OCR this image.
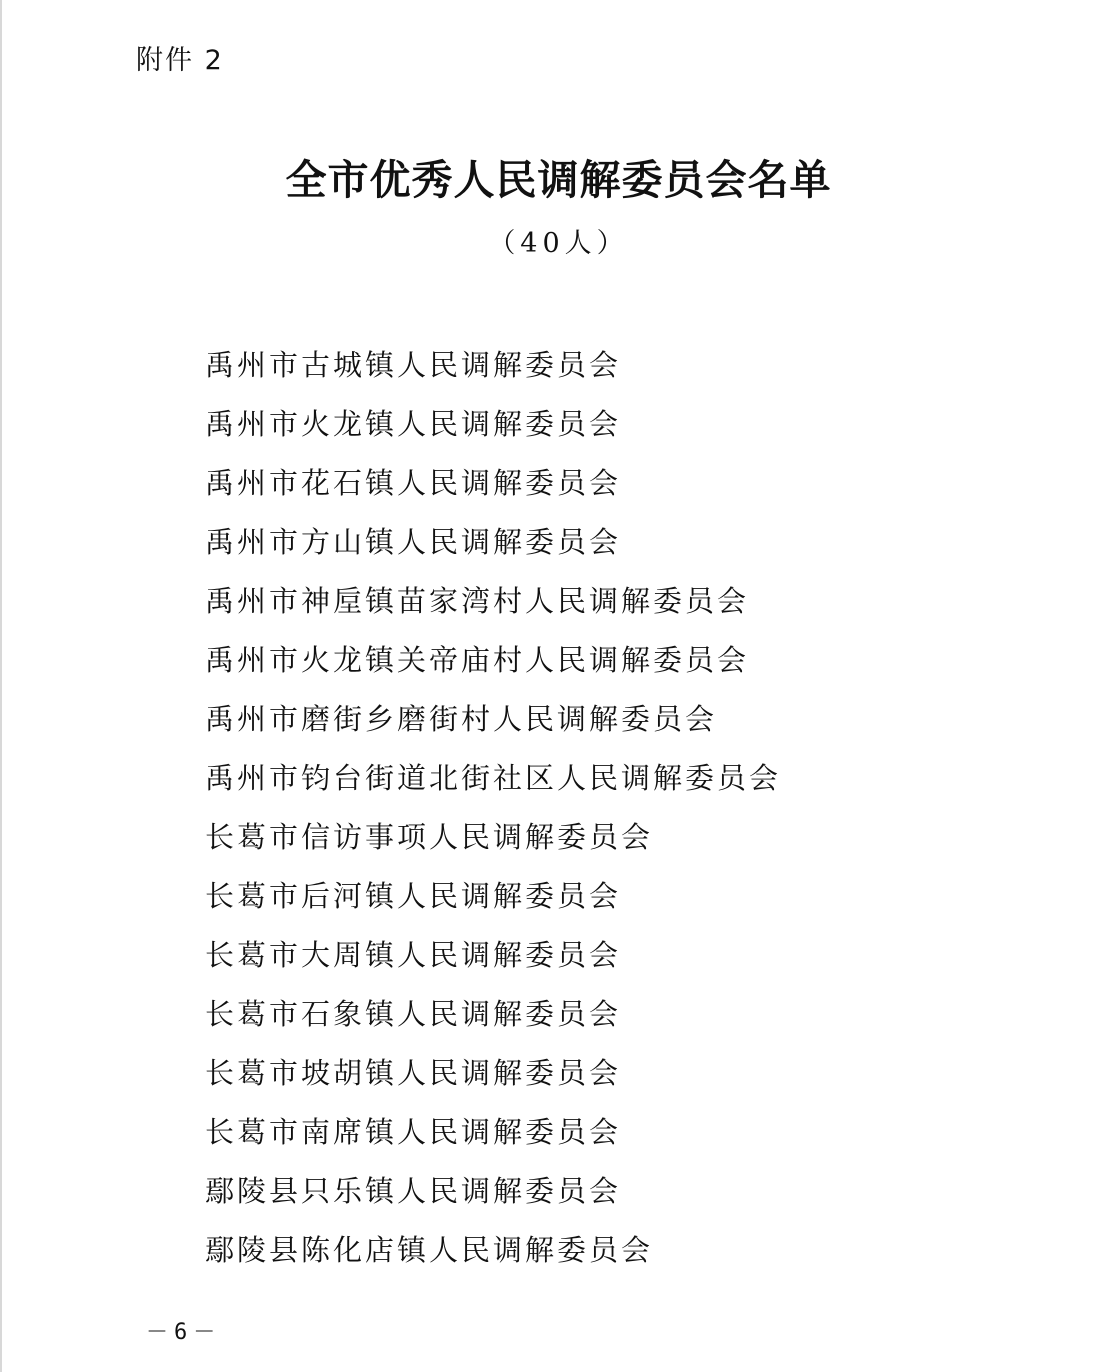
附件 2
全市优秀人民调解委员会名单
（40人）
禹州市古城镇人民调解委员会
禹州市火龙镇人民调解委员会
禹州市花石镇人民调解委员会
禹州市方山镇人民调解委员会
禹州市神垕镇苗家湾村人民调解委员会
禹州市火龙镇关帝庙村人民调解委员会
禹州市磨街乡磨街村人民调解委员会
禹州市钧台街道北街社区人民调解委员会
长葛市信访事项人民调解委员会
长葛市后河镇人民调解委员会
长葛市大周镇人民调解委员会
长葛市石象镇人民调解委员会
长葛市坡胡镇人民调解委员会
长葛市南席镇人民调解委员会
鄢陵县只乐镇人民调解委员会
鄢陵县陈化店镇人民调解委员会
－6－
